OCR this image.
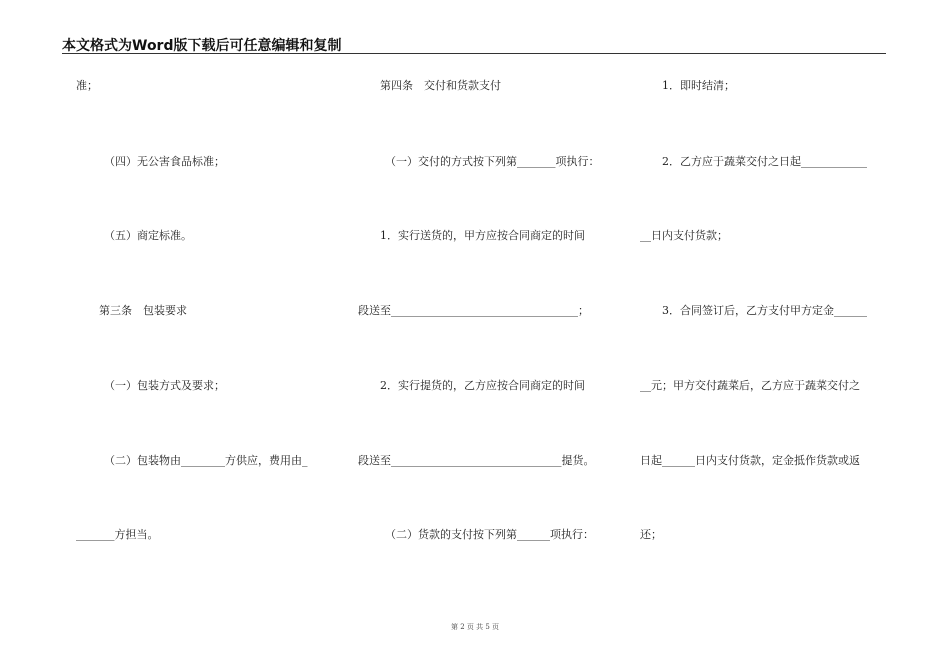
本文格式为Word版下载后可任意编辑和复制
准；
（四）无公害食品标准；
（五）商定标准。
第三条　包装要求
（一）包装方式及要求；
（二）包装物由________方供应，费用由_
_______方担当。
第四条　交付和货款支付
（一）交付的方式按下列第_______项执行：
1．实行送货的，甲方应按合同商定的时间
段送至__________________________________；
2．实行提货的，乙方应按合同商定的时间
段送至_______________________________提货。
（二）货款的支付按下列第______项执行：
1．即时结清；
2．乙方应于蔬菜交付之日起____________
__日内支付货款；
3．合同签订后，乙方支付甲方定金______
__元；甲方交付蔬菜后，乙方应于蔬菜交付之
日起______日内支付货款，定金抵作货款或返
还；
第 2 页 共 5 页
